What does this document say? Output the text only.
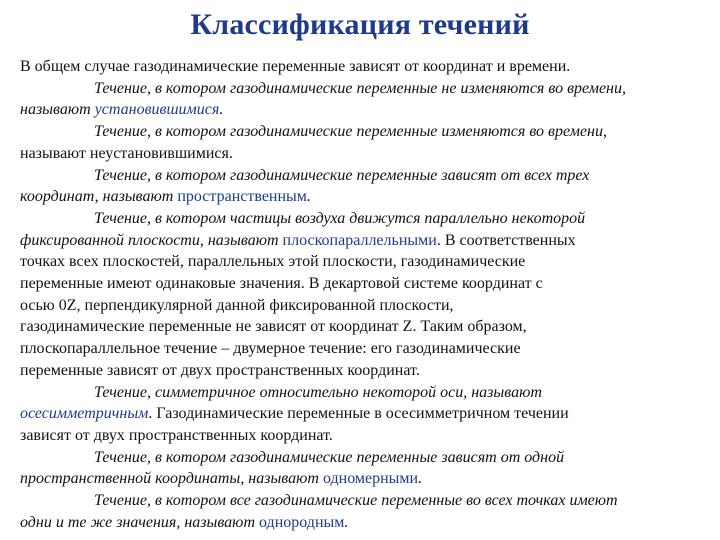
Классификация течений
В общем случае газодинамические переменные зависят от координат и времени.
Течение, в котором газодинамические переменные не изменяются во времени,
называют установившимися.
Течение, в котором газодинамические переменные изменяются во времени,
называют неустановившимися.
Течение, в котором газодинамические переменные зависят от всех трех
координат, называют пространственным.
Течение, в котором частицы воздуха движутся параллельно некоторой
фиксированной плоскости, называют плоскопараллельными. В соответственных
точках всех плоскостей, параллельных этой плоскости, газодинамические
переменные имеют одинаковые значения. В декартовой системе координат с
осью 0Z, перпендикулярной данной фиксированной плоскости,
газодинамические переменные не зависят от координат Z. Таким образом,
плоскопараллельное течение – двумерное течение: его газодинамические
переменные зависят от двух пространственных координат.
Течение, симметричное относительно некоторой оси, называют
осесимметричным. Газодинамические переменные в осесимметричном течении
зависят от двух пространственных координат.
Течение, в котором газодинамические переменные зависят от одной
пространственной координаты, называют одномерными.
Течение, в котором все газодинамические переменные во всех точках имеют
одни и те же значения, называют однородным.
